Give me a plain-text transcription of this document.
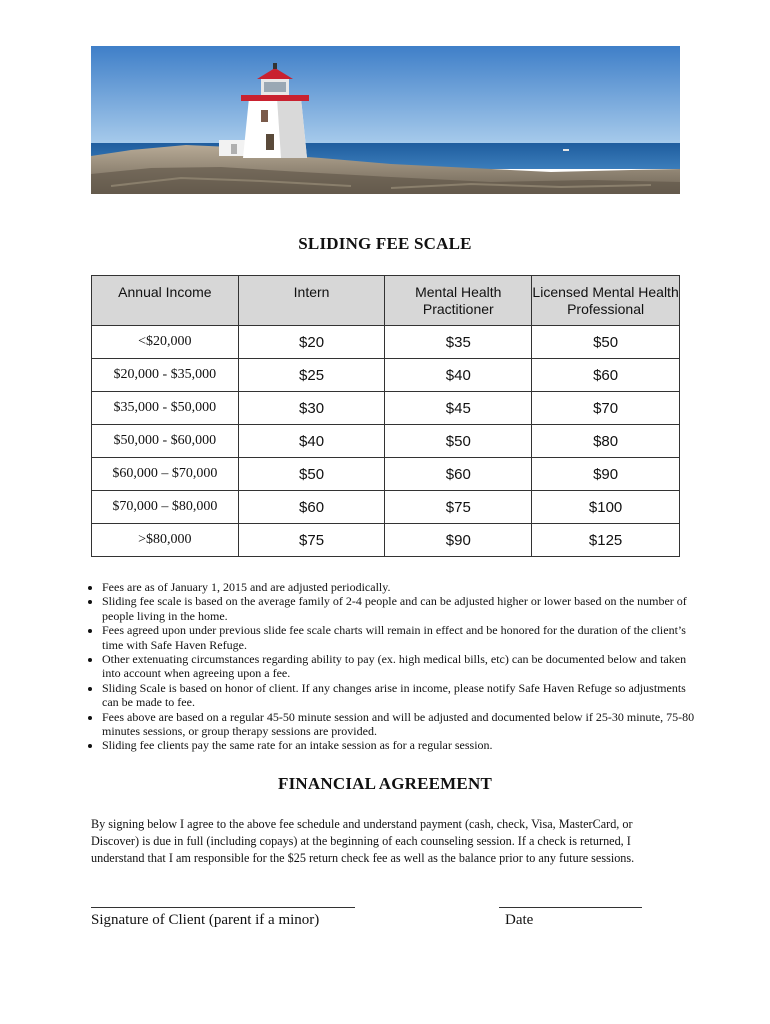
SLIDING FEE SCALE
Annual Income	Intern	Mental Health Practitioner	Licensed Mental Health Professional
<$20,000	$20	$35	$50
$20,000 - $35,000	$25	$40	$60
$35,000 - $50,000	$30	$45	$70
$50,000 - $60,000	$40	$50	$80
$60,000 – $70,000	$50	$60	$90
$70,000 – $80,000	$60	$75	$100
>$80,000	$75	$90	$125
• Fees are as of January 1, 2015 and are adjusted periodically.
• Sliding fee scale is based on the average family of 2-4 people and can be adjusted higher or lower based on the number of people living in the home.
• Fees agreed upon under previous slide fee scale charts will remain in effect and be honored for the duration of the client’s time with Safe Haven Refuge.
• Other extenuating circumstances regarding ability to pay (ex. high medical bills, etc) can be documented below and taken into account when agreeing upon a fee.
• Sliding Scale is based on honor of client. If any changes arise in income, please notify Safe Haven Refuge so adjustments can be made to fee.
• Fees above are based on a regular 45-50 minute session and will be adjusted and documented below if 25-30 minute, 75-80 minutes sessions, or group therapy sessions are provided.
• Sliding fee clients pay the same rate for an intake session as for a regular session.
FINANCIAL AGREEMENT

By signing below I agree to the above fee schedule and understand payment (cash, check, Visa, MasterCard, or Discover) is due in full (including copays) at the beginning of each counseling session. If a check is returned, I understand that I am responsible for the $25 return check fee as well as the balance prior to any future sessions.

Signature of Client (parent if a minor)	Date
